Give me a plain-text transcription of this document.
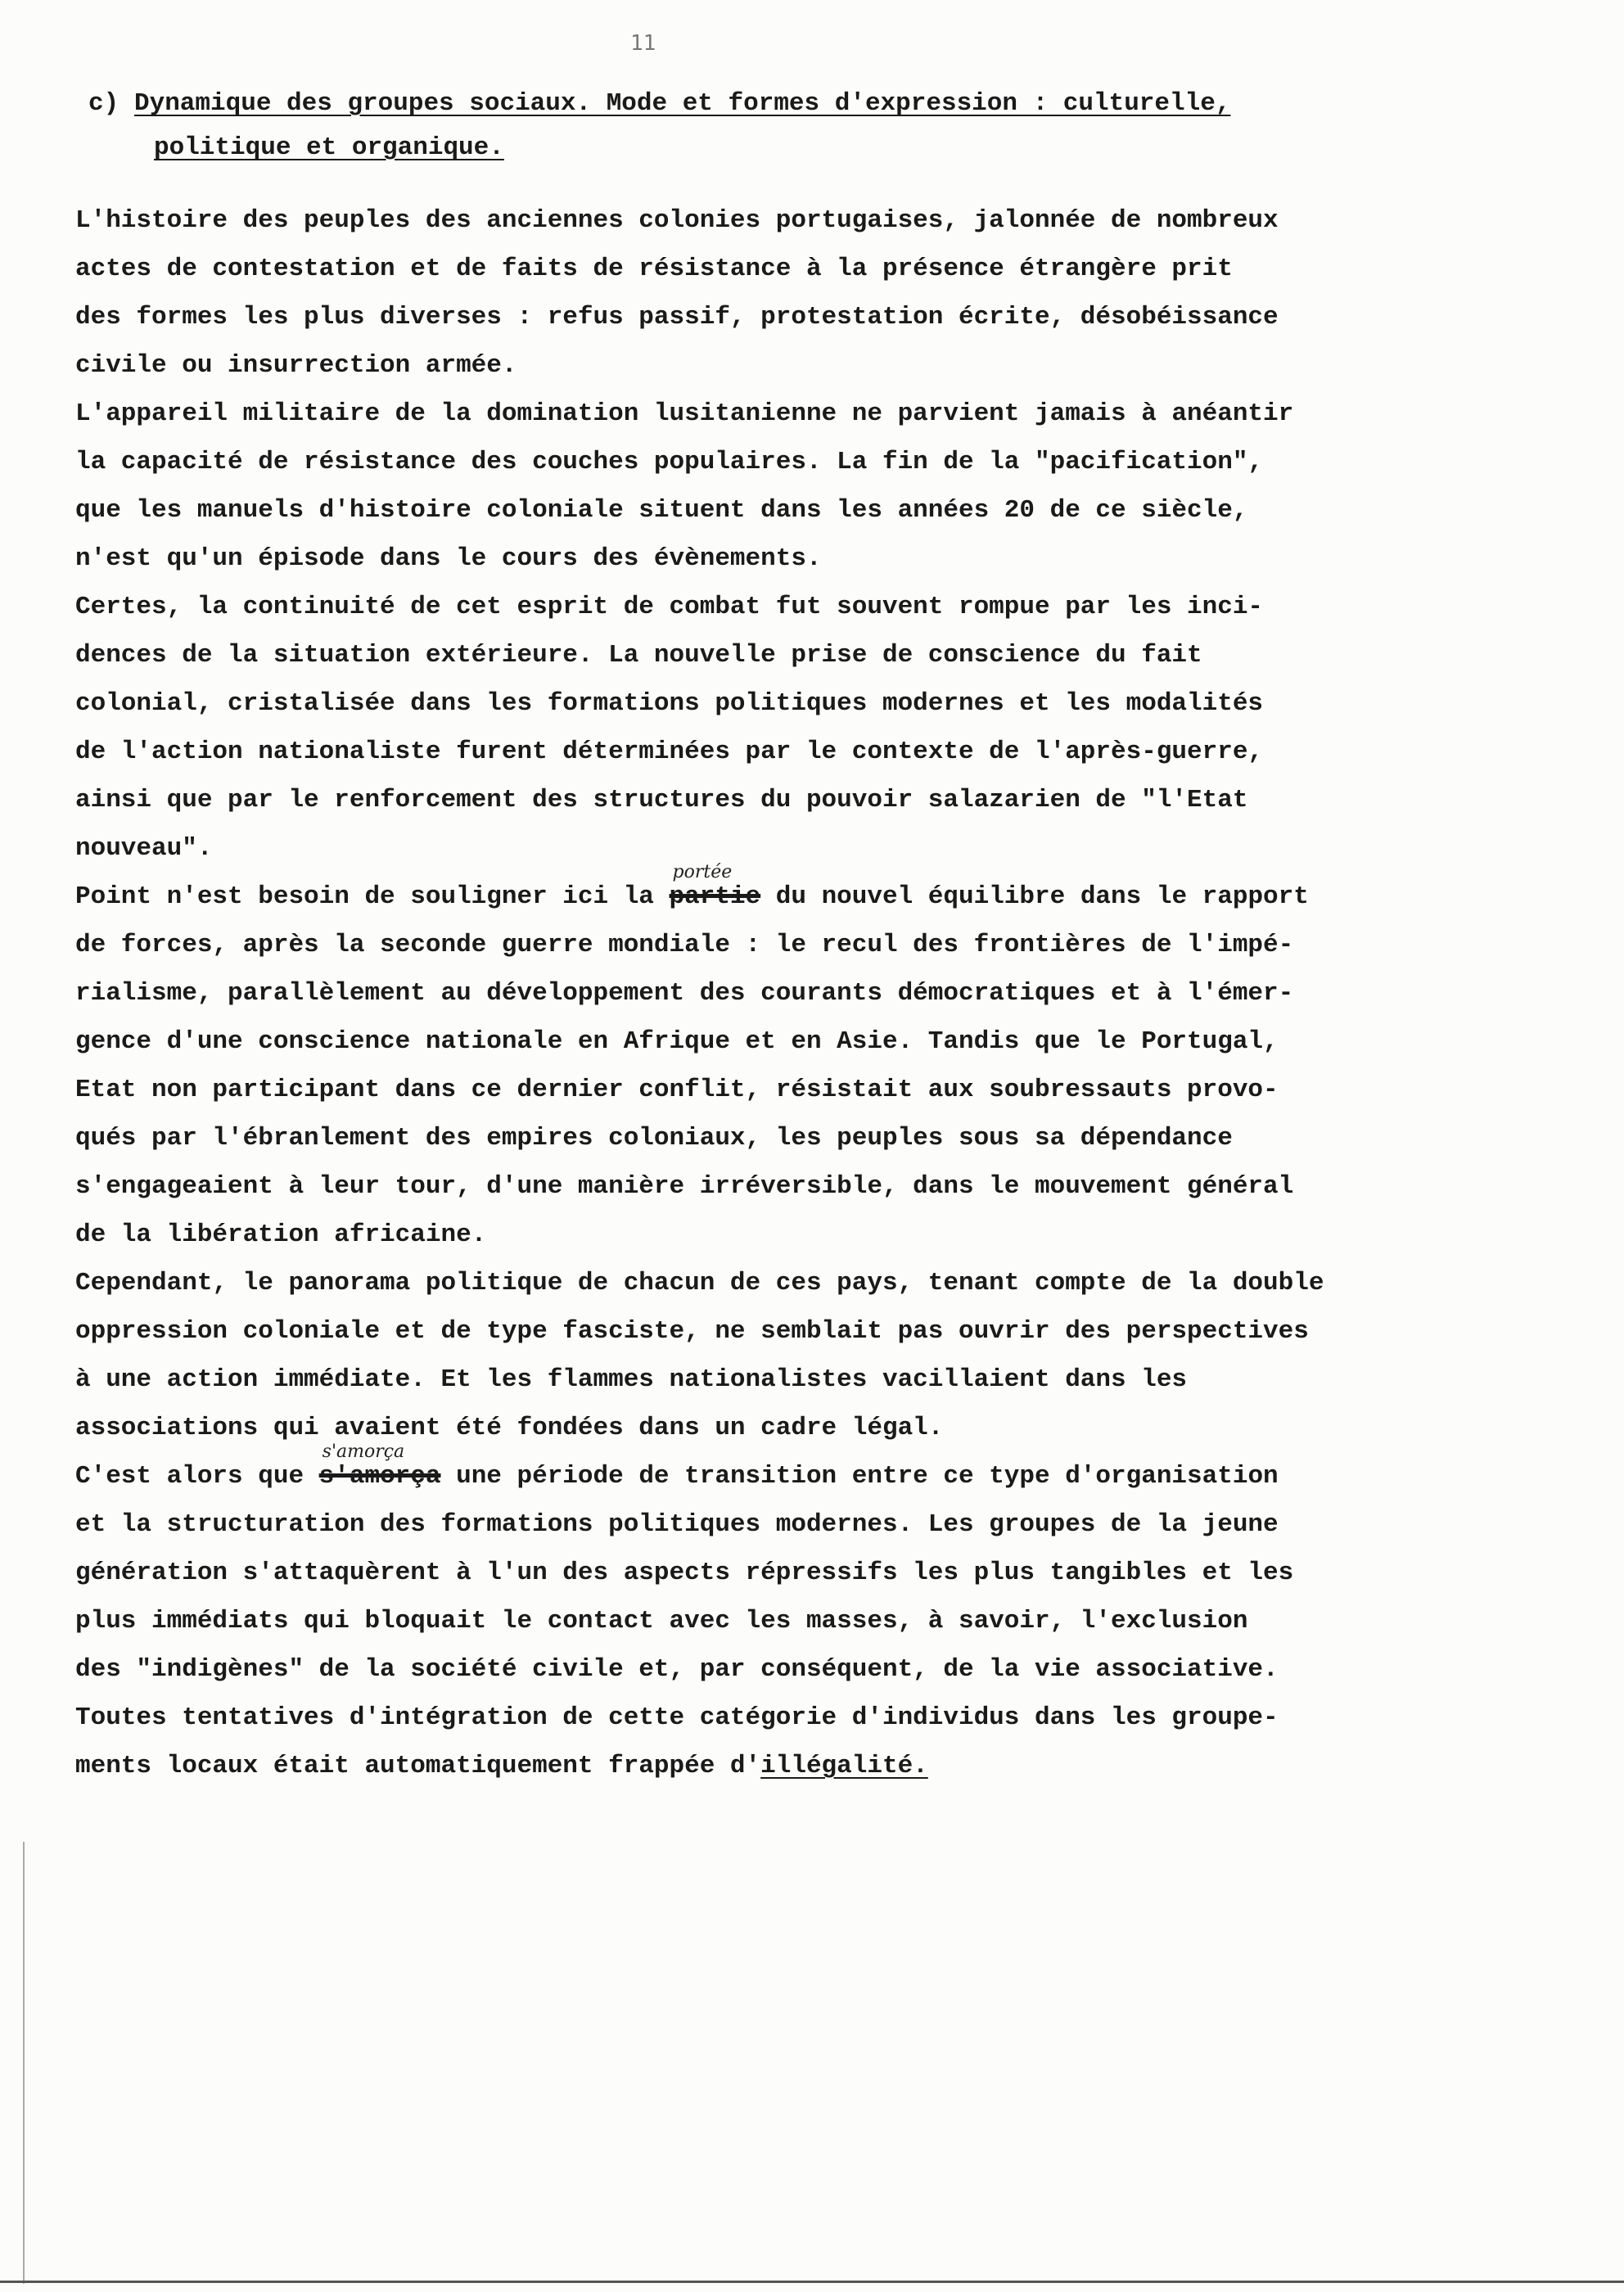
11
c) Dynamique des groupes sociaux. Mode et formes d'expression : culturelle,
politique et organique.
L'histoire des peuples des anciennes colonies portugaises, jalonnée de nombreux
actes de contestation et de faits de résistance à la présence étrangère prit
des formes les plus diverses : refus passif, protestation écrite, désobéissance
civile ou insurrection armée.
L'appareil militaire de la domination lusitanienne ne parvient jamais à anéantir
la capacité de résistance des couches populaires. La fin de la "pacification",
que les manuels d'histoire coloniale situent dans les années 20 de ce siècle,
n'est qu'un épisode dans le cours des évènements.
Certes, la continuité de cet esprit de combat fut souvent rompue par les inci-
dences de la situation extérieure. La nouvelle prise de conscience du fait
colonial, cristalisée dans les formations politiques modernes et les modalités
de l'action nationaliste furent déterminées par le contexte de l'après-guerre,
ainsi que par le renforcement des structures du pouvoir salazarien de "l'Etat
nouveau".
Point n'est besoin de souligner ici la
portée
partie du nouvel équilibre dans le rapport
de forces, après la seconde guerre mondiale : le recul des frontières de l'impé-
rialisme, parallèlement au développement des courants démocratiques et à l'émer-
gence d'une conscience nationale en Afrique et en Asie. Tandis que le Portugal,
Etat non participant dans ce dernier conflit, résistait aux soubressauts provo-
qués par l'ébranlement des empires coloniaux, les peuples sous sa dépendance
s'engageaient à leur tour, d'une manière irréversible, dans le mouvement général
de la libération africaine.
Cependant, le panorama politique de chacun de ces pays, tenant compte de la double
oppression coloniale et de type fasciste, ne semblait pas ouvrir des perspectives
à une action immédiate. Et les flammes nationalistes vacillaient dans les
associations qui avaient été fondées dans un cadre légal.
C'est alors que
s'amorça
s'amorça une période de transition entre ce type d'organisation
et la structuration des formations politiques modernes. Les groupes de la jeune
génération s'attaquèrent à l'un des aspects répressifs les plus tangibles et les
plus immédiats qui bloquait le contact avec les masses, à savoir, l'exclusion
des "indigènes" de la société civile et, par conséquent, de la vie associative.
Toutes tentatives d'intégration de cette catégorie d'individus dans les groupe-
ments locaux était automatiquement frappée d'illégalité.
